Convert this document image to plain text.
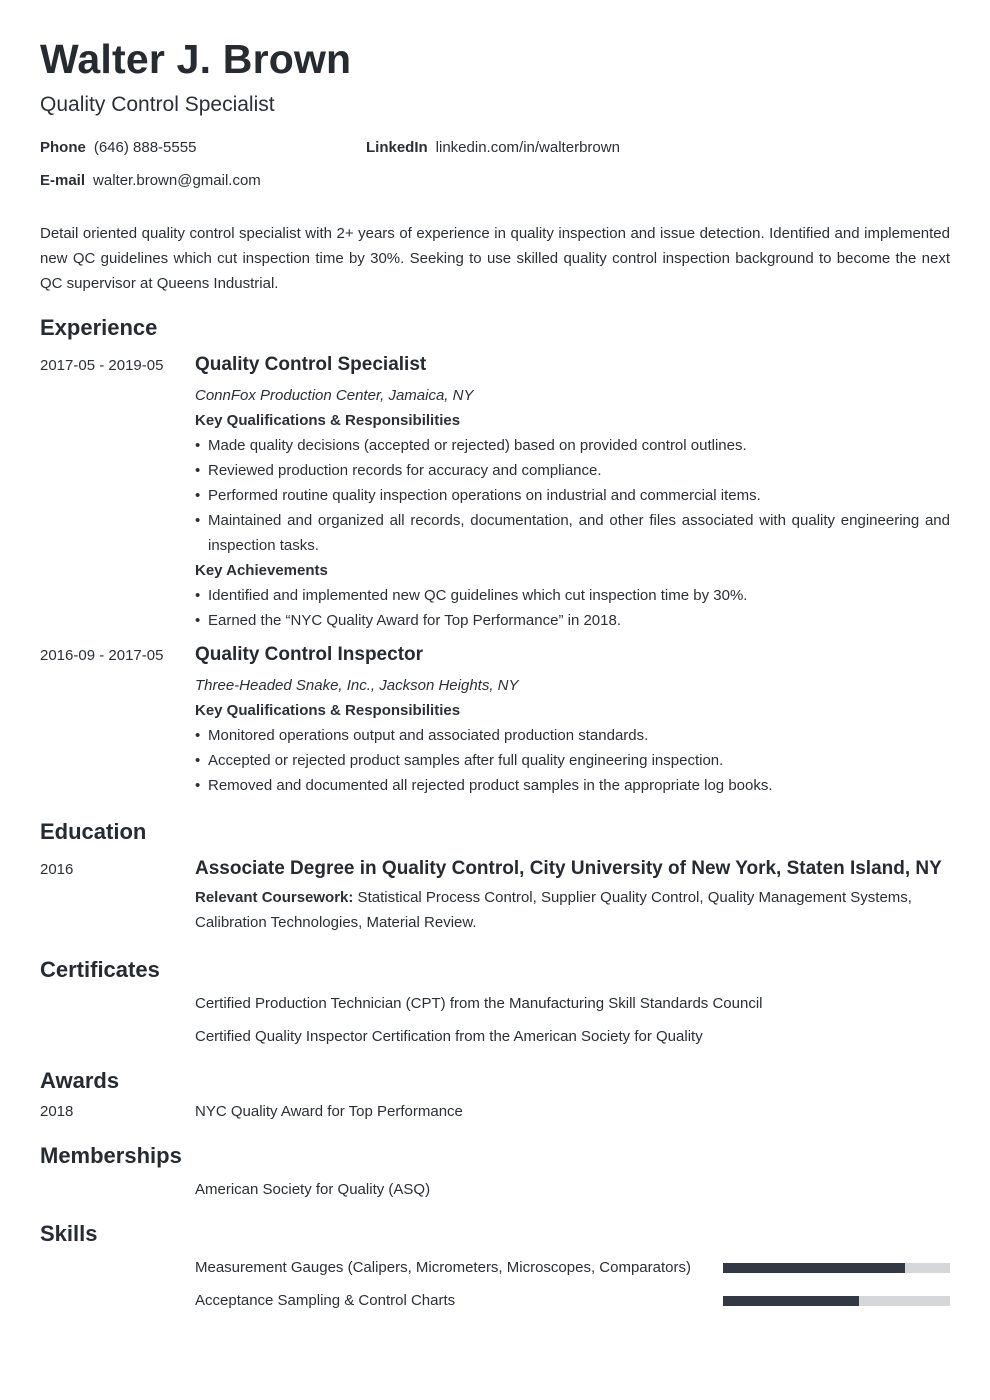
Walter J. Brown
Quality Control Specialist
Phone (646) 888-5555	LinkedIn linkedin.com/in/walterbrown
E-mail walter.brown@gmail.com
Detail oriented quality control specialist with 2+ years of experience in quality inspection and issue detection. Identified and implemented new QC guidelines which cut inspection time by 30%. Seeking to use skilled quality control inspection background to become the next QC supervisor at Queens Industrial.
Experience
2017-05 - 2019-05	Quality Control Specialist
ConnFox Production Center, Jamaica, NY
Key Qualifications & Responsibilities
• Made quality decisions (accepted or rejected) based on provided control outlines.
• Reviewed production records for accuracy and compliance.
• Performed routine quality inspection operations on industrial and commercial items.
• Maintained and organized all records, documentation, and other files associated with quality engineering and inspection tasks.
Key Achievements
• Identified and implemented new QC guidelines which cut inspection time by 30%.
• Earned the “NYC Quality Award for Top Performance” in 2018.
2016-09 - 2017-05	Quality Control Inspector
Three-Headed Snake, Inc., Jackson Heights, NY
Key Qualifications & Responsibilities
• Monitored operations output and associated production standards.
• Accepted or rejected product samples after full quality engineering inspection.
• Removed and documented all rejected product samples in the appropriate log books.
Education
2016	Associate Degree in Quality Control, City University of New York, Staten Island, NY
Relevant Coursework: Statistical Process Control, Supplier Quality Control, Quality Management Systems, Calibration Technologies, Material Review.
Certificates
Certified Production Technician (CPT) from the Manufacturing Skill Standards Council
Certified Quality Inspector Certification from the American Society for Quality
Awards
2018	NYC Quality Award for Top Performance
Memberships
American Society for Quality (ASQ)
Skills
Measurement Gauges (Calipers, Micrometers, Microscopes, Comparators)
Acceptance Sampling & Control Charts
